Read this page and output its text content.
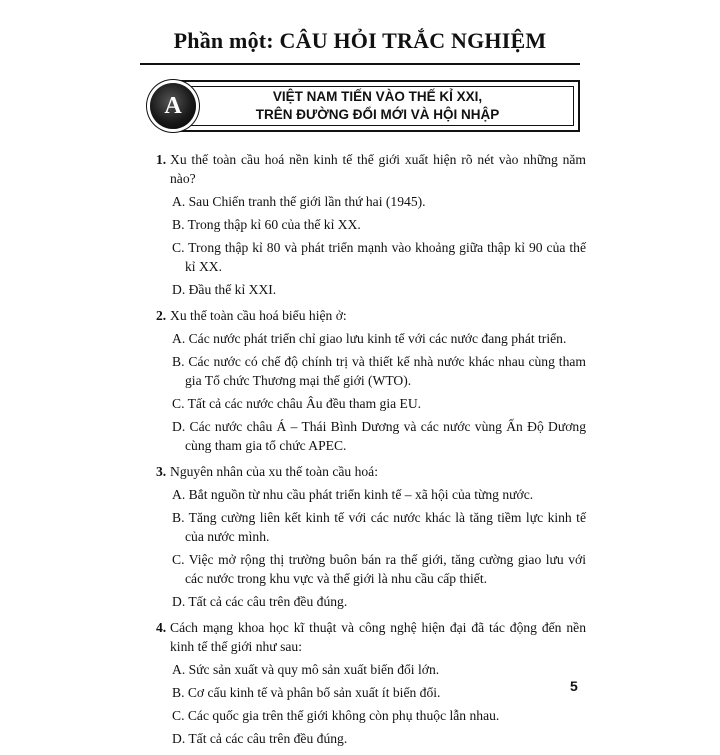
Phần một: CÂU HỎI TRẮC NGHIỆM
VIỆT NAM TIẾN VÀO THẾ KỈ XXI,
TRÊN ĐƯỜNG ĐỔI MỚI VÀ HỘI NHẬP
A
1. Xu thế toàn cầu hoá nền kinh tế thế giới xuất hiện rõ nét vào những năm nào?
A. Sau Chiến tranh thế giới lần thứ hai (1945).
B. Trong thập kỉ 60 của thế kỉ XX.
C. Trong thập kỉ 80 và phát triển mạnh vào khoảng giữa thập kỉ 90 của thế kỉ XX.
D. Đầu thế kỉ XXI.
2. Xu thế toàn cầu hoá biểu hiện ở:
A. Các nước phát triển chỉ giao lưu kinh tế với các nước đang phát triển.
B. Các nước có chế độ chính trị và thiết kế nhà nước khác nhau cùng tham gia Tổ chức Thương mại thế giới (WTO).
C. Tất cả các nước châu Âu đều tham gia EU.
D. Các nước châu Á – Thái Bình Dương và các nước vùng Ấn Độ Dương cùng tham gia tổ chức APEC.
3. Nguyên nhân của xu thế toàn cầu hoá:
A. Bắt nguồn từ nhu cầu phát triển kinh tế – xã hội của từng nước.
B. Tăng cường liên kết kinh tế với các nước khác là tăng tiềm lực kinh tế của nước mình.
C. Việc mở rộng thị trường buôn bán ra thế giới, tăng cường giao lưu với các nước trong khu vực và thế giới là nhu cầu cấp thiết.
D. Tất cả các câu trên đều đúng.
4. Cách mạng khoa học kĩ thuật và công nghệ hiện đại đã tác động đến nền kinh tế thế giới như sau:
A. Sức sản xuất và quy mô sản xuất biến đổi lớn.
B. Cơ cấu kinh tế và phân bố sản xuất ít biến đổi.
C. Các quốc gia trên thế giới không còn phụ thuộc lẫn nhau.
D. Tất cả các câu trên đều đúng.
5
